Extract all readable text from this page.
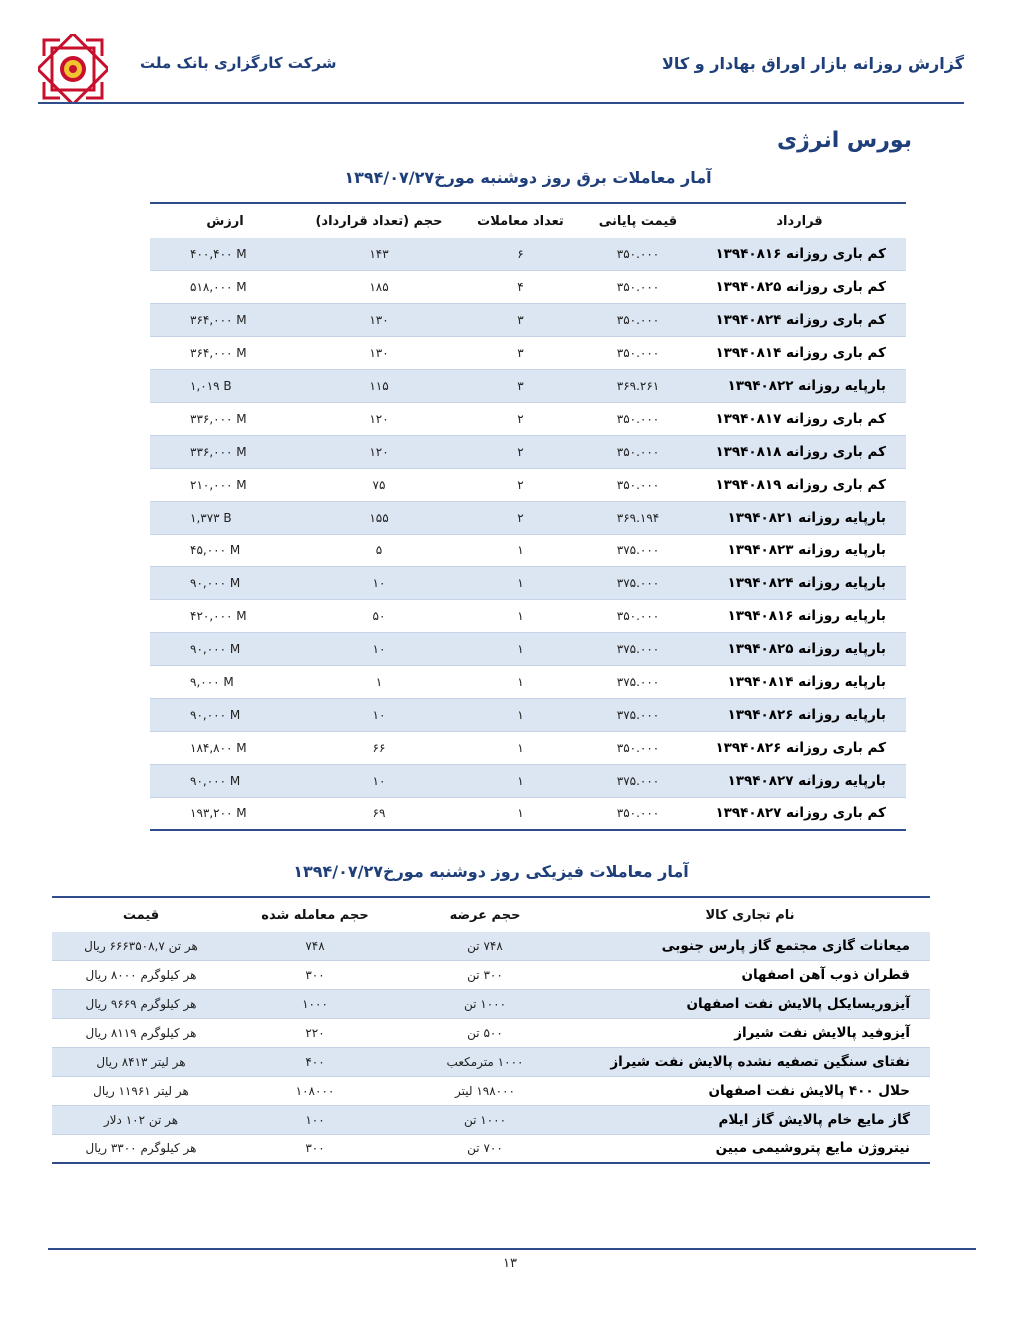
شرکت کارگزاری بانک ملت	گزارش روزانه بازار اوراق بهادار و کالا
بورس انرژی
آمار معاملات برق روز دوشنبه مورخ۱۳۹۴/۰۷/۲۷
قرارداد	قیمت پایانی	تعداد معاملات	حجم (تعداد قرارداد)	ارزش
کم باری روزانه ۱۳۹۴۰۸۱۶	۳۵۰.۰۰۰	۶	۱۴۳	۴۰۰,۴۰۰ M
کم باری روزانه ۱۳۹۴۰۸۲۵	۳۵۰.۰۰۰	۴	۱۸۵	۵۱۸,۰۰۰ M
کم باری روزانه ۱۳۹۴۰۸۲۴	۳۵۰.۰۰۰	۳	۱۳۰	۳۶۴,۰۰۰ M
کم باری روزانه ۱۳۹۴۰۸۱۴	۳۵۰.۰۰۰	۳	۱۳۰	۳۶۴,۰۰۰ M
بارپایه روزانه ۱۳۹۴۰۸۲۲	۳۶۹.۲۶۱	۳	۱۱۵	۱,۰۱۹ B
کم باری روزانه ۱۳۹۴۰۸۱۷	۳۵۰.۰۰۰	۲	۱۲۰	۳۳۶,۰۰۰ M
کم باری روزانه ۱۳۹۴۰۸۱۸	۳۵۰.۰۰۰	۲	۱۲۰	۳۳۶,۰۰۰ M
کم باری روزانه ۱۳۹۴۰۸۱۹	۳۵۰.۰۰۰	۲	۷۵	۲۱۰,۰۰۰ M
بارپایه روزانه ۱۳۹۴۰۸۲۱	۳۶۹.۱۹۴	۲	۱۵۵	۱,۳۷۳ B
بارپایه روزانه ۱۳۹۴۰۸۲۳	۳۷۵.۰۰۰	۱	۵	۴۵,۰۰۰ M
بارپایه روزانه ۱۳۹۴۰۸۲۴	۳۷۵.۰۰۰	۱	۱۰	۹۰,۰۰۰ M
بارپایه روزانه ۱۳۹۴۰۸۱۶	۳۵۰.۰۰۰	۱	۵۰	۴۲۰,۰۰۰ M
بارپایه روزانه ۱۳۹۴۰۸۲۵	۳۷۵.۰۰۰	۱	۱۰	۹۰,۰۰۰ M
بارپایه روزانه ۱۳۹۴۰۸۱۴	۳۷۵.۰۰۰	۱	۱	۹,۰۰۰ M
بارپایه روزانه ۱۳۹۴۰۸۲۶	۳۷۵.۰۰۰	۱	۱۰	۹۰,۰۰۰ M
کم باری روزانه ۱۳۹۴۰۸۲۶	۳۵۰.۰۰۰	۱	۶۶	۱۸۴,۸۰۰ M
بارپایه روزانه ۱۳۹۴۰۸۲۷	۳۷۵.۰۰۰	۱	۱۰	۹۰,۰۰۰ M
کم باری روزانه ۱۳۹۴۰۸۲۷	۳۵۰.۰۰۰	۱	۶۹	۱۹۳,۲۰۰ M
آمار معاملات فیزیکی روز دوشنبه مورخ۱۳۹۴/۰۷/۲۷
نام تجاری کالا	حجم عرضه	حجم معامله شده	قیمت
میعانات گازی مجتمع گاز پارس جنوبی	۷۴۸ تن	۷۴۸	هر تن ۶۶۶۳۵۰۸,۷ ریال
قطران ذوب آهن اصفهان	۳۰۰ تن	۳۰۰	هر کیلوگرم ۸۰۰۰ ریال
آیزوریسایکل پالایش نفت اصفهان	۱۰۰۰ تن	۱۰۰۰	هر کیلوگرم ۹۶۶۹ ریال
آیزوفید پالایش نفت شیراز	۵۰۰ تن	۲۲۰	هر کیلوگرم ۸۱۱۹ ریال
نفتای سنگین تصفیه نشده پالایش نفت شیراز	۱۰۰۰ مترمکعب	۴۰۰	هر لیتر ۸۴۱۳ ریال
حلال ۴۰۰ پالایش نفت اصفهان	۱۹۸۰۰۰ لیتر	۱۰۸۰۰۰	هر لیتر ۱۱۹۶۱ ریال
گاز مایع خام پالایش گاز ایلام	۱۰۰۰ تن	۱۰۰	هر تن ۱۰۲ دلار
نیتروژن مایع پتروشیمی مبین	۷۰۰ تن	۳۰۰	هر کیلوگرم ۳۳۰۰ ریال
۱۳
